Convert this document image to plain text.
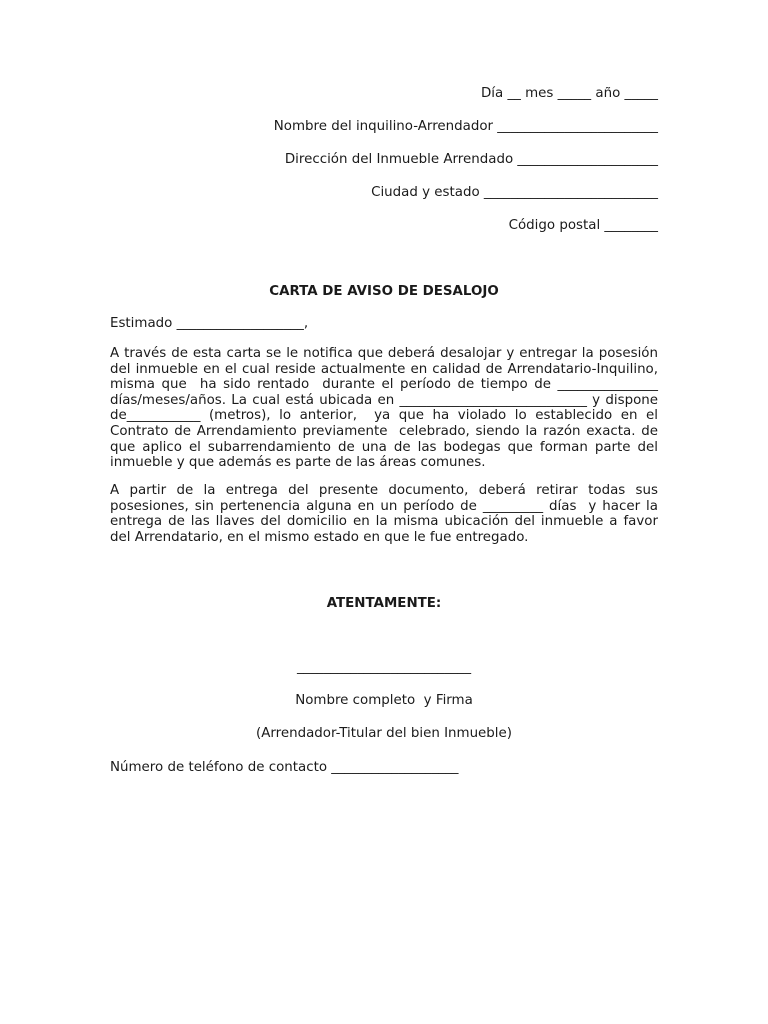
Día __ mes _____ año _____
Nombre del inquilino-Arrendador ________________________
Dirección del Inmueble Arrendado _____________________
Ciudad y estado __________________________
Código postal ________
CARTA DE AVISO DE DESALOJO
Estimado ___________________,
A través de esta carta se le notifica que deberá desalojar y entregar la posesión del inmueble en el cual reside actualmente en calidad de Arrendatario-Inquilino, misma que  ha sido rentado  durante el período de tiempo de _______________ días/meses/años. La cual está ubicada en ____________________________ y dispone de___________ (metros), lo anterior,  ya que ha violado lo establecido en el Contrato de Arrendamiento previamente  celebrado, siendo la razón exacta. de que aplico el subarrendamiento de una de las bodegas que forman parte del inmueble y que además es parte de las áreas comunes.
A partir de la entrega del presente documento, deberá retirar todas sus posesiones, sin pertenencia alguna en un período de _________ días  y hacer la entrega de las llaves del domicilio en la misma ubicación del inmueble a favor del Arrendatario, en el mismo estado en que le fue entregado.
ATENTAMENTE:
__________________________
Nombre completo  y Firma
(Arrendador-Titular del bien Inmueble)
Número de teléfono de contacto ___________________
